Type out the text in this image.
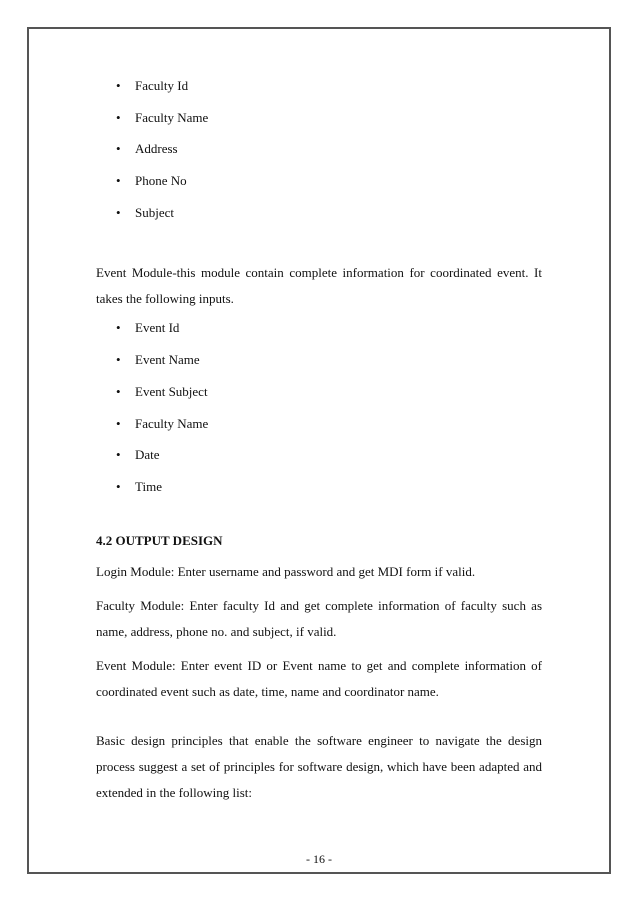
• Faculty Id
• Faculty Name
• Address
• Phone No
• Subject

Event Module-this module contain complete information for coordinated event. It takes the following inputs.

• Event Id
• Event Name
• Event Subject
• Faculty Name
• Date
• Time
4.2 OUTPUT DESIGN

Login Module: Enter username and password and get MDI form if valid.

Faculty Module: Enter faculty Id and get complete information of faculty such as name, address, phone no. and subject, if valid.

Event Module: Enter event ID or Event name to get and complete information of coordinated event such as date, time, name and coordinator name.

Basic design principles that enable the software engineer to navigate the design process suggest a set of principles for software design, which have been adapted and extended in the following list:

- 16 -
